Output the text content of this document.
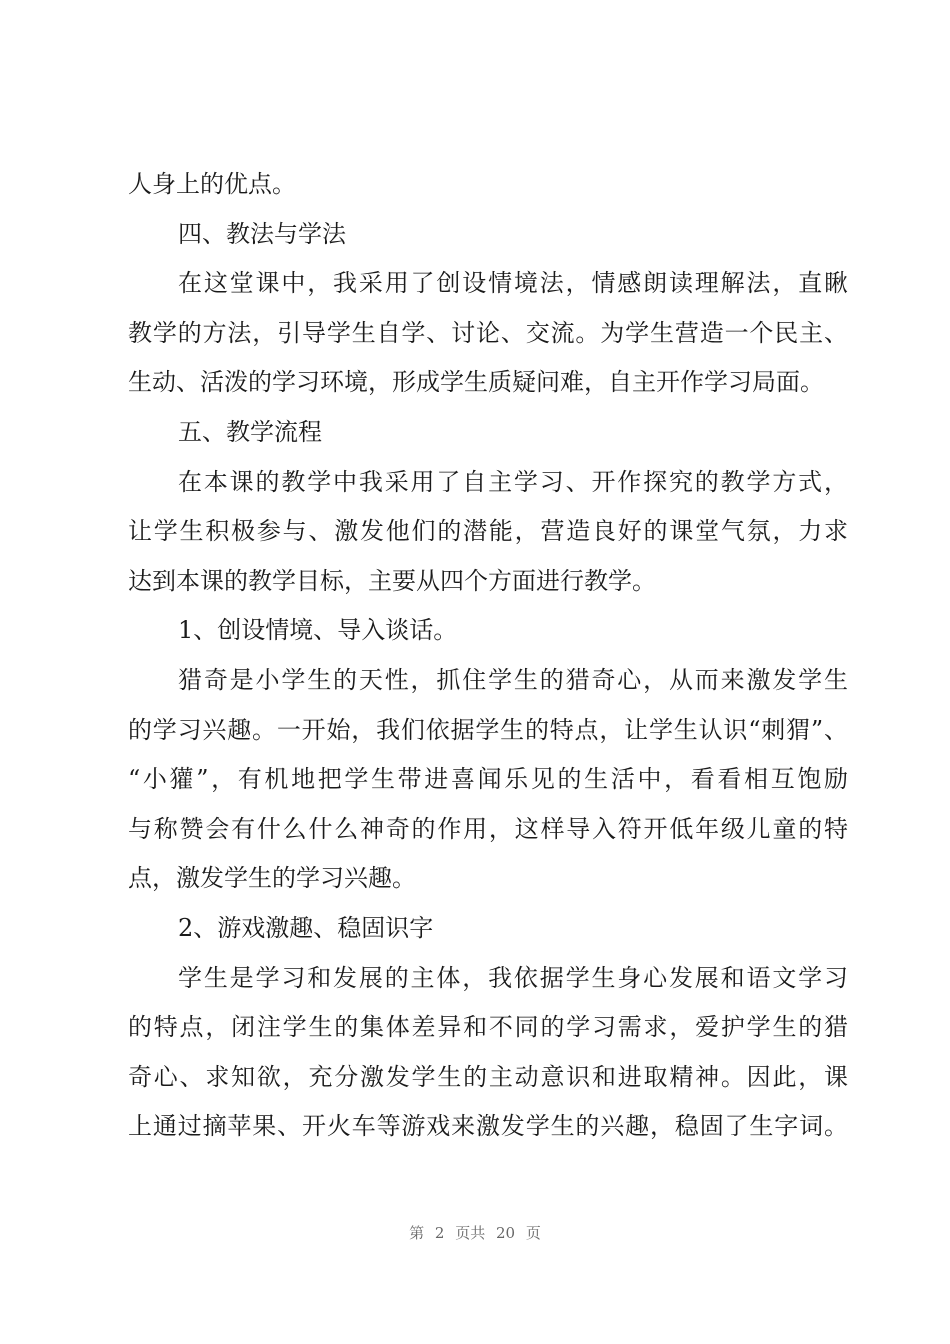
人身上的优点。
四、教法与学法
在这堂课中，我采用了创设情境法，情感朗读理解法，直瞅
教学的方法，引导学生自学、讨论、交流。为学生营造一个民主、
生动、活泼的学习环境，形成学生质疑问难，自主开作学习局面。
五、教学流程
在本课的教学中我采用了自主学习、开作探究的教学方式，
让学生积极参与、激发他们的潜能，营造良好的课堂气氛，力求
达到本课的教学目标，主要从四个方面进行教学。
1、创设情境、导入谈话。
猎奇是小学生的天性，抓住学生的猎奇心，从而来激发学生
的学习兴趣。一开始，我们依据学生的特点，让学生认识“刺猬”、
“小獾”，有机地把学生带进喜闻乐见的生活中，看看相互饱励
与称赞会有什么什么神奇的作用，这样导入符开低年级儿童的特
点，激发学生的学习兴趣。
2、游戏激趣、稳固识字
学生是学习和发展的主体，我依据学生身心发展和语文学习
的特点，闭注学生的集体差异和不同的学习需求，爱护学生的猎
奇心、求知欲，充分激发学生的主动意识和进取精神。因此，课
上通过摘苹果、开火车等游戏来激发学生的兴趣，稳固了生字词。
第 2 页共 20 页
